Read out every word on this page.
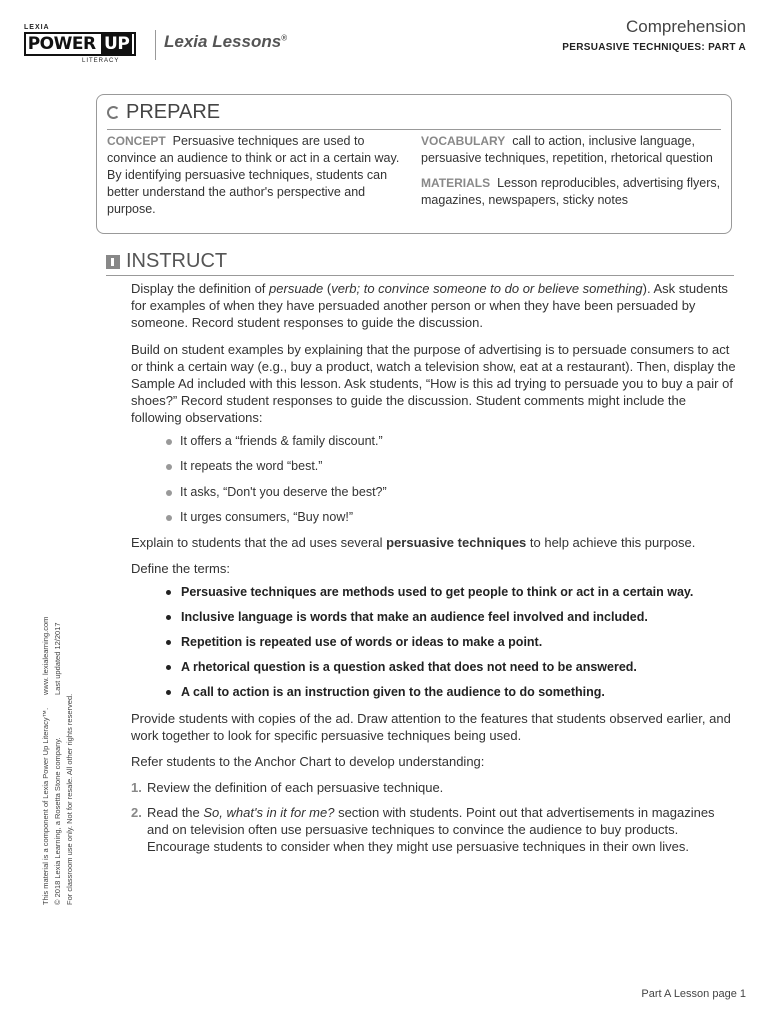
LEXIA
POWER UP
LITERACY
Lexia Lessons®
Comprehension
PERSUASIVE TECHNIQUES: PART A
PREPARE
CONCEPT Persuasive techniques are used to convince an audience to think or act in a certain way. By identifying persuasive techniques, students can better understand the author's perspective and purpose.
VOCABULARY call to action, inclusive language, persuasive techniques, repetition, rhetorical question
MATERIALS Lesson reproducibles, advertising flyers, magazines, newspapers, sticky notes
INSTRUCT
Display the definition of persuade (verb; to convince someone to do or believe something). Ask students for examples of when they have persuaded another person or when they have been persuaded by someone. Record student responses to guide the discussion.
Build on student examples by explaining that the purpose of advertising is to persuade consumers to act or think a certain way (e.g., buy a product, watch a television show, eat at a restaurant). Then, display the Sample Ad included with this lesson. Ask students, “How is this ad trying to persuade you to buy a pair of shoes?” Record student responses to guide the discussion. Student comments might include the following observations:
It offers a “friends & family discount.”
It repeats the word “best.”
It asks, “Don't you deserve the best?”
It urges consumers, “Buy now!”
Explain to students that the ad uses several persuasive techniques to help achieve this purpose.
Define the terms:
Persuasive techniques are methods used to get people to think or act in a certain way.
Inclusive language is words that make an audience feel involved and included.
Repetition is repeated use of words or ideas to make a point.
A rhetorical question is a question asked that does not need to be answered.
A call to action is an instruction given to the audience to do something.
Provide students with copies of the ad. Draw attention to the features that students observed earlier, and work together to look for specific persuasive techniques being used.
Refer students to the Anchor Chart to develop understanding:
1. Review the definition of each persuasive technique.
2. Read the So, what's in it for me? section with students. Point out that advertisements in magazines and on television often use persuasive techniques to convince the audience to buy products. Encourage students to consider when they might use persuasive techniques in their own lives.
This material is a component of Lexia Power Up Literacy™.www. lexialearning.com
© 2018 Lexia Learning, a Rosetta Stone company.Last updated 12/2017
For classroom use only. Not for resale. All other rights reserved.
Part A Lesson page 1
